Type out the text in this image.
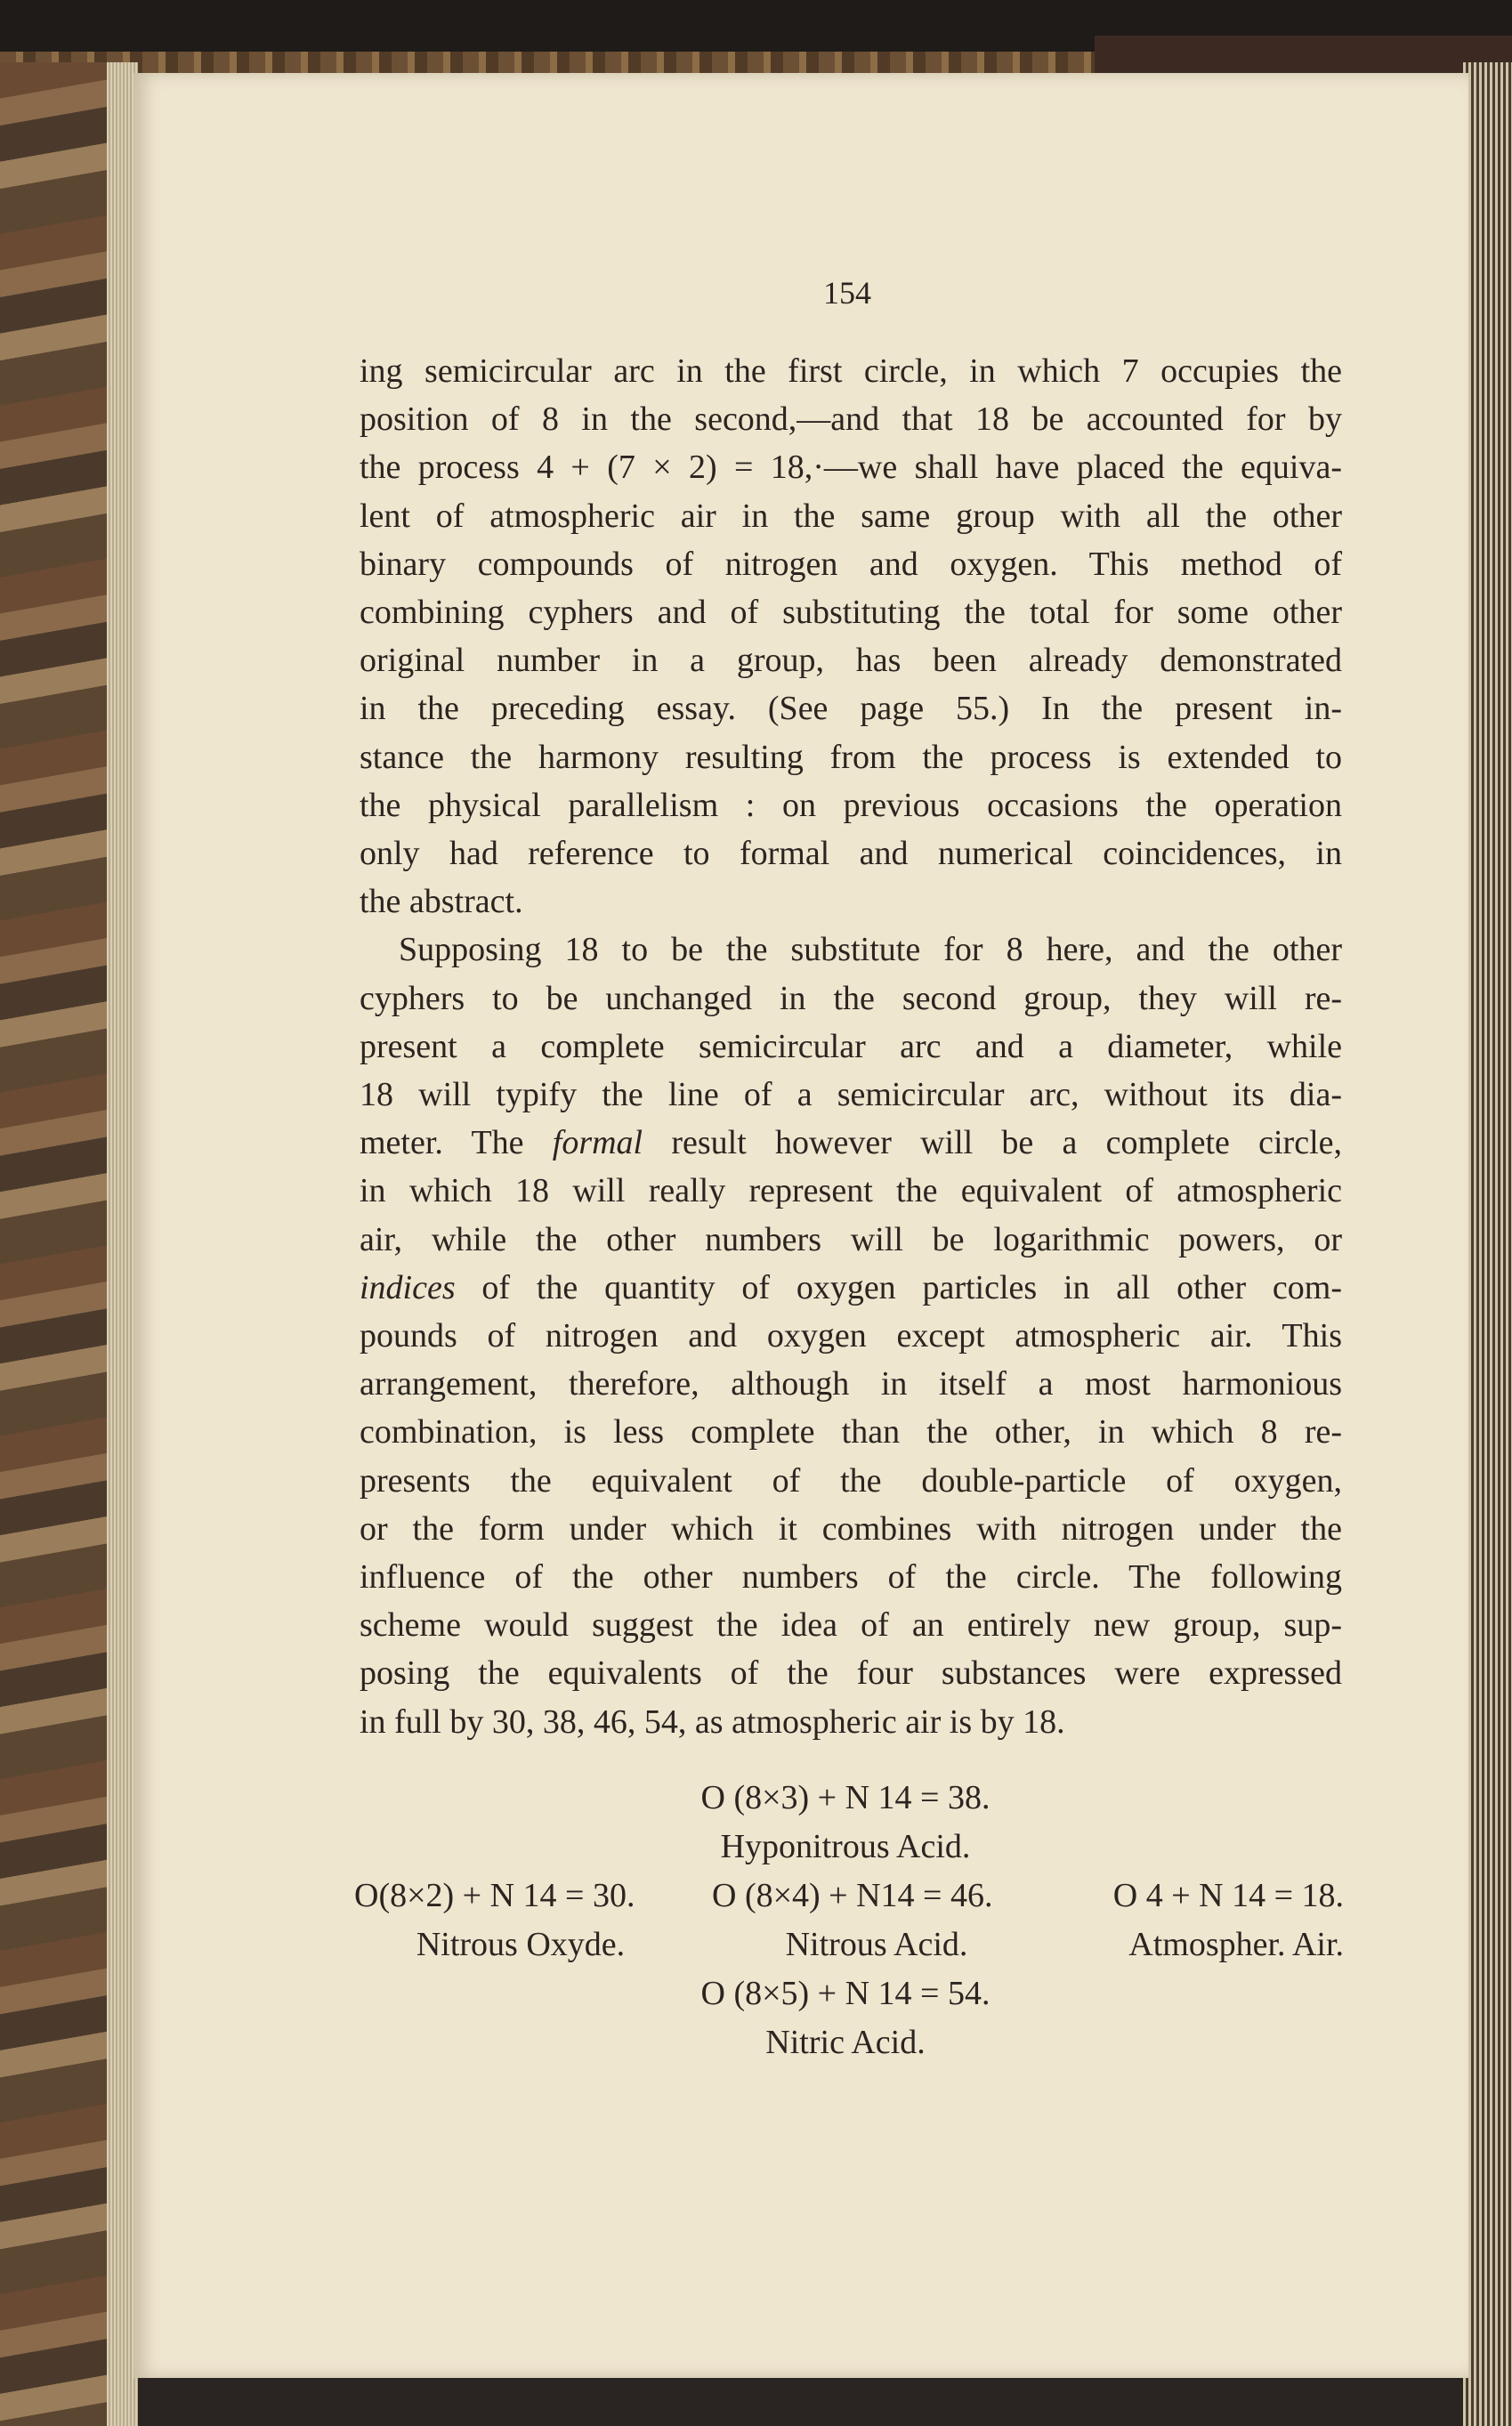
154
ing semicircular arc in the first circle, in which 7 occupies the
position of 8 in the second,—and that 18 be accounted for by
the process 4 + (7 × 2) = 18,·—we shall have placed the equiva-
lent of atmospheric air in the same group with all the other
binary compounds of nitrogen and oxygen. This method of
combining cyphers and of substituting the total for some other
original number in a group, has been already demonstrated
in the preceding essay. (See page 55.) In the present in-
stance the harmony resulting from the process is extended to
the physical parallelism : on previous occasions the operation
only had reference to formal and numerical coincidences, in
the abstract.
Supposing 18 to be the substitute for 8 here, and the other
cyphers to be unchanged in the second group, they will re-
present a complete semicircular arc and a diameter, while
18 will typify the line of a semicircular arc, without its dia-
meter. The formal result however will be a complete circle,
in which 18 will really represent the equivalent of atmospheric
air, while the other numbers will be logarithmic powers, or
indices of the quantity of oxygen particles in all other com-
pounds of nitrogen and oxygen except atmospheric air. This
arrangement, therefore, although in itself a most harmonious
combination, is less complete than the other, in which 8 re-
presents the equivalent of the double-particle of oxygen,
or the form under which it combines with nitrogen under the
influence of the other numbers of the circle. The following
scheme would suggest the idea of an entirely new group, sup-
posing the equivalents of the four substances were expressed
in full by 30, 38, 46, 54, as atmospheric air is by 18.
O (8×3) + N 14 = 38.
Hyponitrous Acid.
O(8×2) + N 14 = 30.
Nitrous Oxyde.
O (8×4) + N14 = 46.
Nitrous Acid.
O 4 + N 14 = 18.
Atmospher. Air.
O (8×5) + N 14 = 54.
Nitric Acid.
